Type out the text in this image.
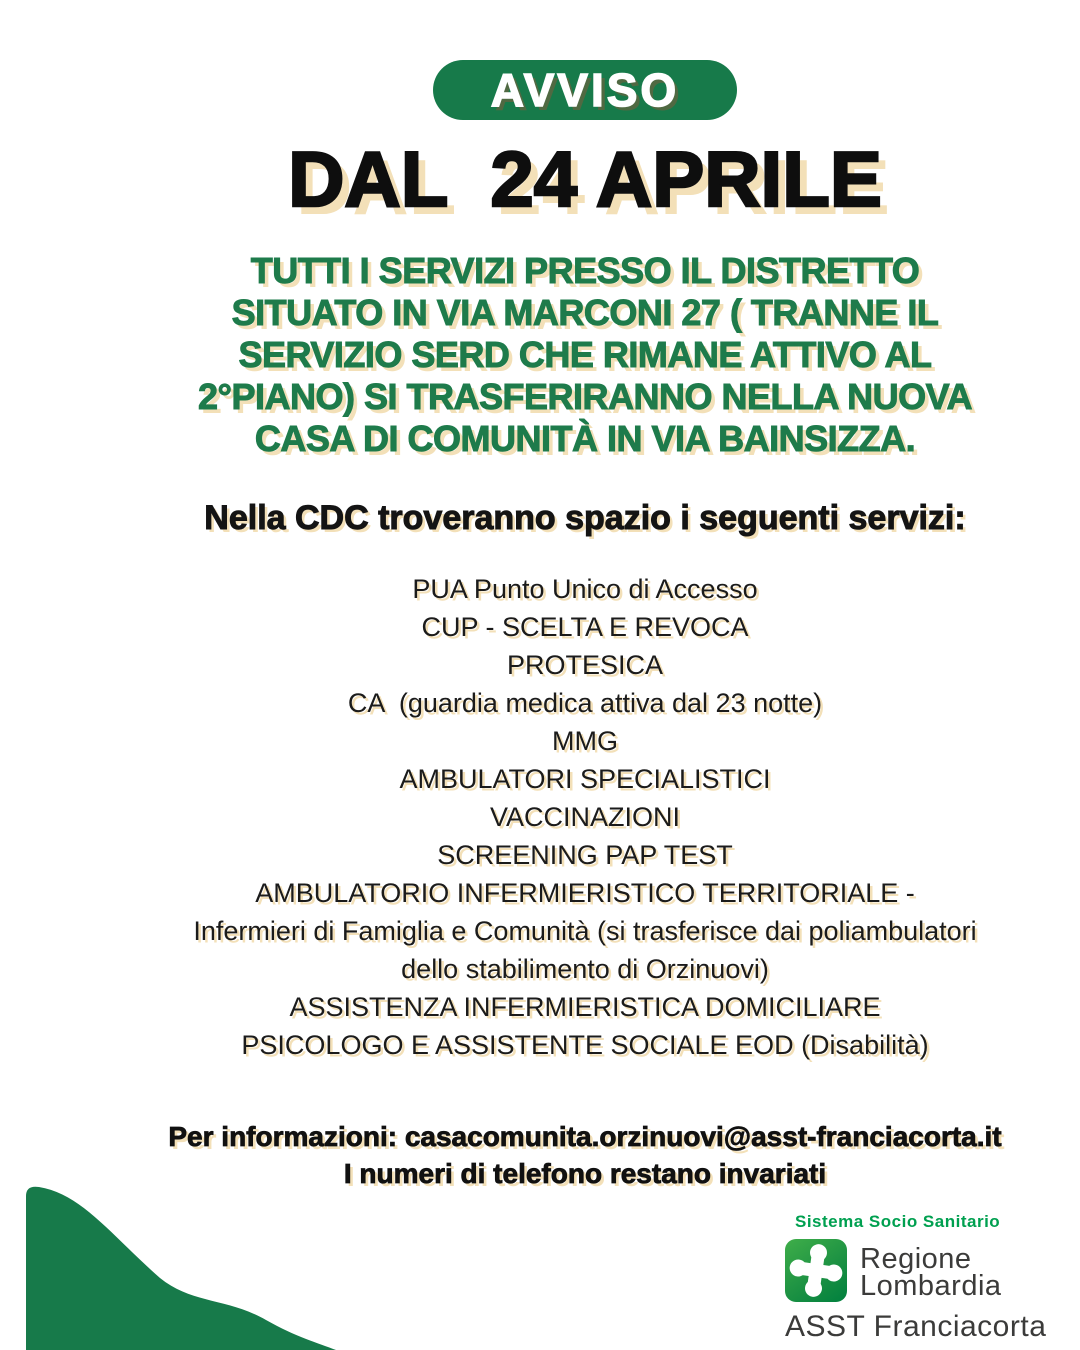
AVVISO
DAL  24 APRILE
TUTTI I SERVIZI PRESSO IL DISTRETTO
SITUATO IN VIA MARCONI 27 ( TRANNE IL
SERVIZIO SERD CHE RIMANE ATTIVO AL
2°PIANO) SI TRASFERIRANNO NELLA NUOVA
CASA DI COMUNITÀ IN VIA BAINSIZZA.
Nella CDC troveranno spazio i seguenti servizi:
PUA Punto Unico di Accesso
CUP - SCELTA E REVOCA
PROTESICA
CA  (guardia medica attiva dal 23 notte)
MMG
AMBULATORI SPECIALISTICI
VACCINAZIONI
SCREENING PAP TEST
AMBULATORIO INFERMIERISTICO TERRITORIALE -
Infermieri di Famiglia e Comunità (si trasferisce dai poliambulatori dello stabilimento di Orzinuovi)
ASSISTENZA INFERMIERISTICA DOMICILIARE
PSICOLOGO E ASSISTENTE SOCIALE EOD (Disabilità)
Per informazioni: casacomunita.orzinuovi@asst-franciacorta.it
I numeri di telefono restano invariati
Sistema Socio Sanitario
Regione
Lombardia
ASST Franciacorta
